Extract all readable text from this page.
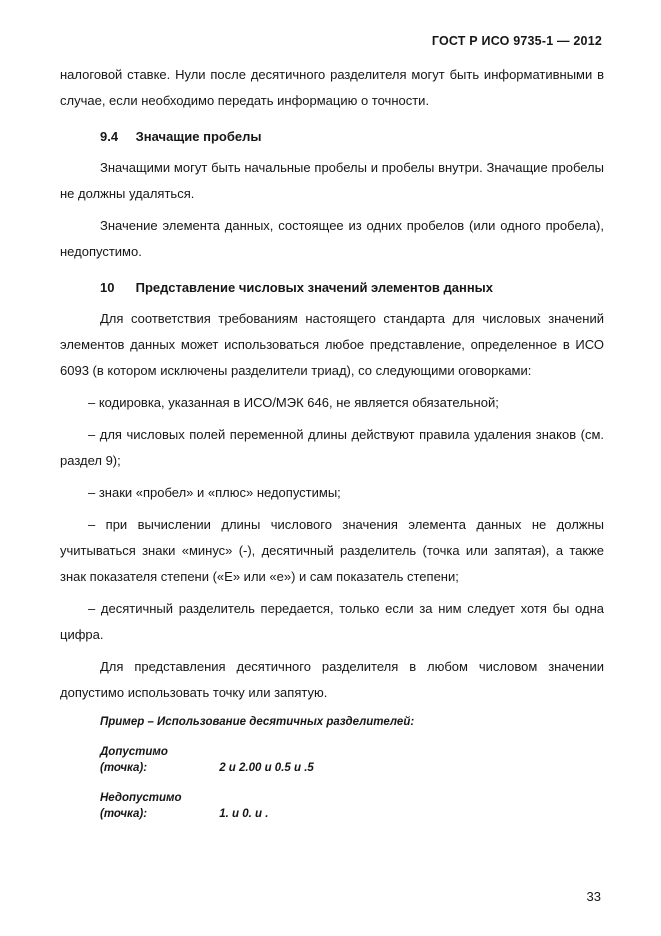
ГОСТ Р ИСО 9735-1 — 2012

налоговой ставке. Нули после десятичного разделителя могут быть информативными в случае, если необходимо передать информацию о точности.

9.4 Значащие пробелы

Значащими могут быть начальные пробелы и пробелы внутри. Значащие пробелы не должны удаляться.

Значение элемента данных, состоящее из одних пробелов (или одного пробела), недопустимо.

10 Представление числовых значений элементов данных

Для соответствия требованиям настоящего стандарта для числовых значений элементов данных может использоваться любое представление, определенное в ИСО 6093 (в котором исключены разделители триад), со следующими оговорками:

– кодировка, указанная в ИСО/МЭК 646, не является обязательной;

– для числовых полей переменной длины действуют правила удаления знаков (см. раздел 9);

– знаки «пробел» и «плюс» недопустимы;

– при вычислении длины числового значения элемента данных не должны учитываться знаки «минус» (-), десятичный разделитель (точка или запятая), а также знак показателя степени («Е» или «е») и сам показатель степени;

– десятичный разделитель передается, только если за ним следует хотя бы одна цифра.

Для представления десятичного разделителя в любом числовом значении допустимо использовать точку или запятую.

Пример – Использование десятичных разделителей:

Допустимо (точка):	2 и 2.00 и 0.5 и .5
Недопустимо (точка):	1. и 0. и .
33
